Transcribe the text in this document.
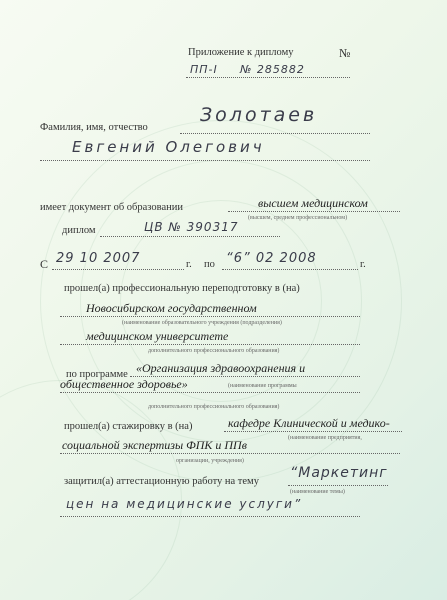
Приложение к диплому	№
ПП-I № 285882
Золотаев
Фамилия, имя, отчество
Евгений Олегович
имеет документ об образовании	высшем медицинском
(высшем, среднем профессиональном)
диплом	ЦВ № 390317
С 29 10 2007	г. по “6” 02 2008	г.
прошел(а) профессиональную переподготовку в (на)
Новосибирском государственном
(наименование образовательного учреждения (подразделения)
медицинском университете
дополнительного профессионального образования)
по программе «Организация здравоохранения и
общественное здоровье»	(наименование программы
дополнительного профессионального образования)
прошел(а) стажировку в (на)	кафедре Клинической и медико-
(наименование предприятия,
социальной экспертизы ФПК и ППв
организации, учреждения)
защитил(а) аттестационную работу на тему
“Маркетинг
(наименование темы)
цен на медицинские услуги”
